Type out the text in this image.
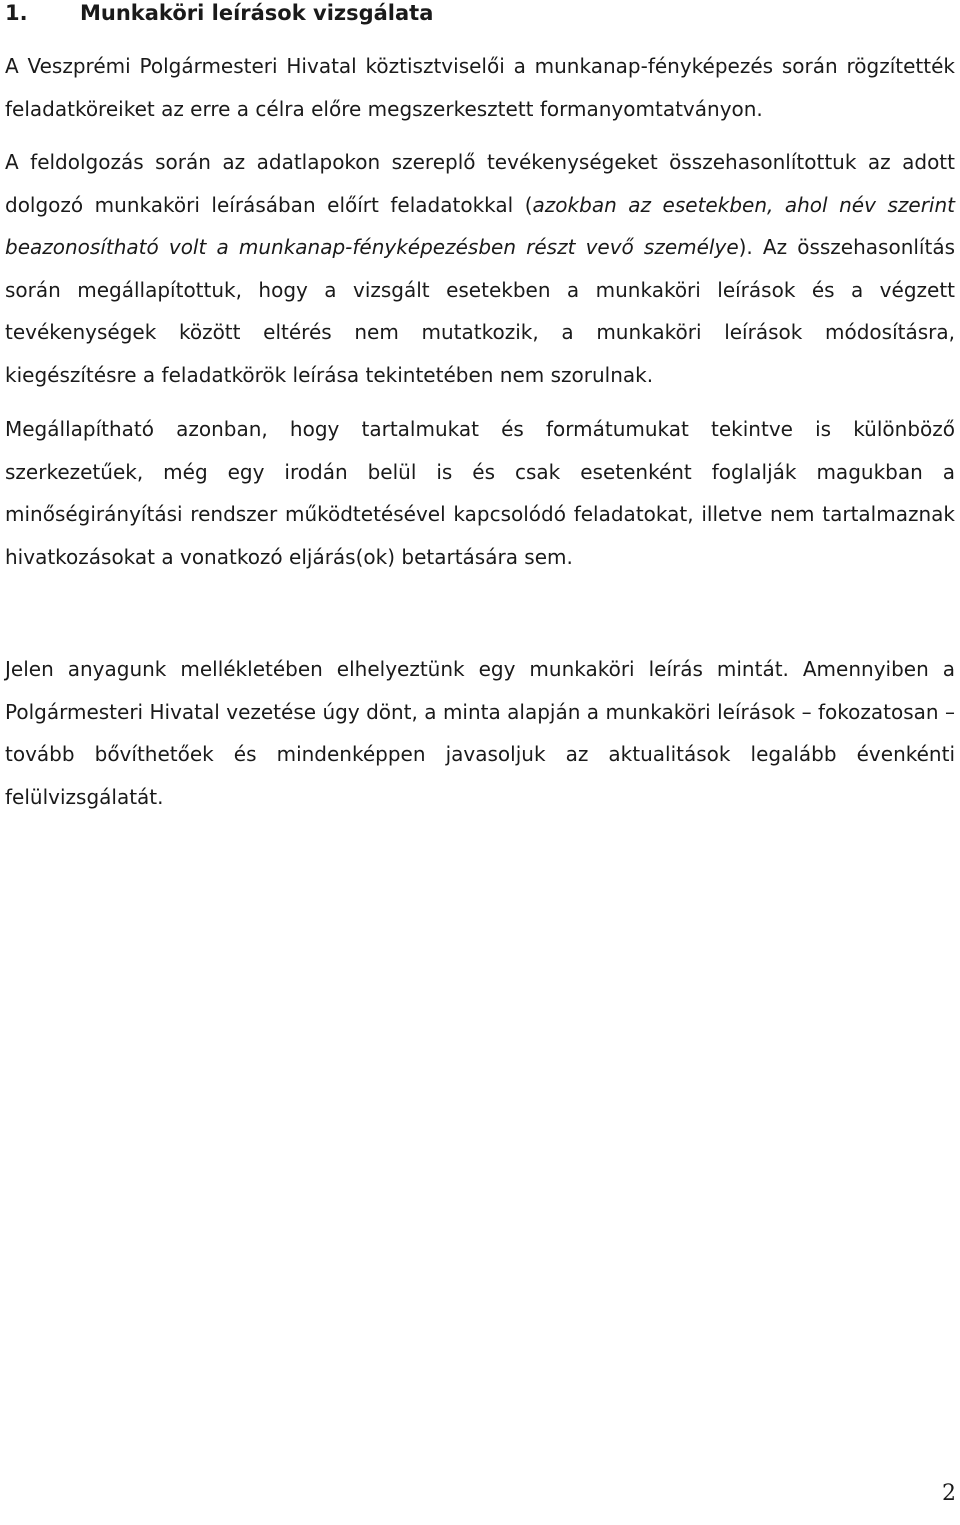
1.	Munkaköri leírások vizsgálata

A Veszprémi Polgármesteri Hivatal köztisztviselői a munkanap-fényképezés során rögzítették feladatköreiket az erre a célra előre megszerkesztett formanyomtatványon.

A feldolgozás során az adatlapokon szereplő tevékenységeket összehasonlítottuk az adott dolgozó munkaköri leírásában előírt feladatokkal (azokban az esetekben, ahol név szerint beazonosítható volt a munkanap-fényképezésben részt vevő személye). Az összehasonlítás során megállapítottuk, hogy a vizsgált esetekben a munkaköri leírások és a végzett tevékenységek között eltérés nem mutatkozik, a munkaköri leírások módosításra, kiegészítésre a feladatkörök leírása tekintetében nem szorulnak.

Megállapítható azonban, hogy tartalmukat és formátumukat tekintve is különböző szerkezetűek, még egy irodán belül is és csak esetenként foglalják magukban a minőségirányítási rendszer működtetésével kapcsolódó feladatokat, illetve nem tartalmaznak hivatkozásokat a vonatkozó eljárás(ok) betartására sem.

Jelen anyagunk mellékletében elhelyeztünk egy munkaköri leírás mintát. Amennyiben a Polgármesteri Hivatal vezetése úgy dönt, a minta alapján a munkaköri leírások – fokozatosan – tovább bővíthetőek és mindenképpen javasoljuk az aktualitások legalább évenkénti felülvizsgálatát.

2
